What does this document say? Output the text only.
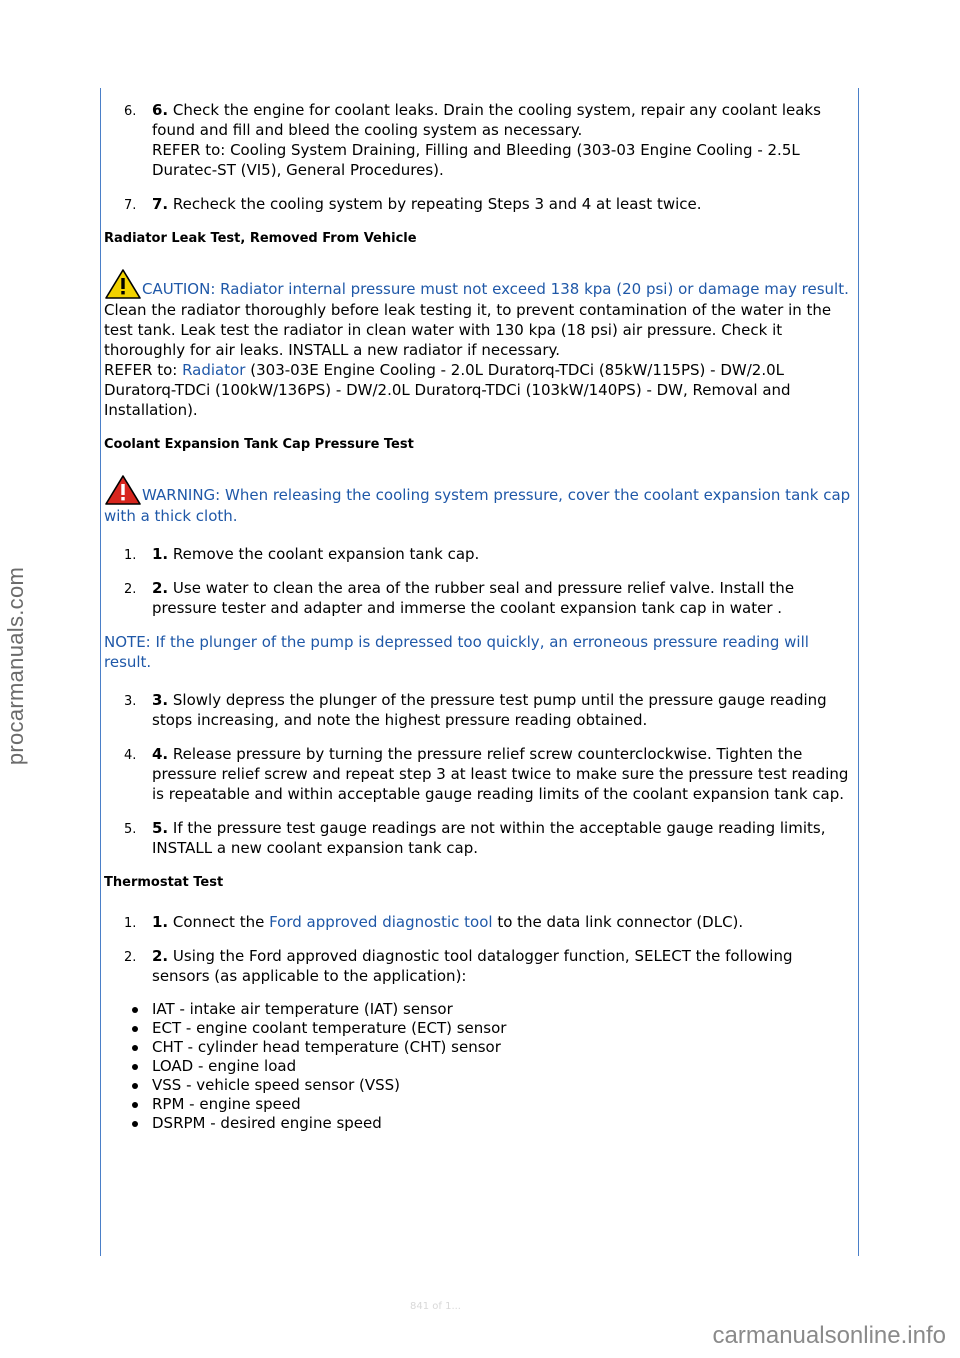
procarmanuals.com
6. 6. Check the engine for coolant leaks. Drain the cooling system, repair any coolant leaks found and fill and bleed the cooling system as necessary.
REFER to: Cooling System Draining, Filling and Bleeding (303-03 Engine Cooling - 2.5L Duratec-ST (VI5), General Procedures).
7. 7. Recheck the cooling system by repeating Steps 3 and 4 at least twice.
Radiator Leak Test, Removed From Vehicle
CAUTION: Radiator internal pressure must not exceed 138 kpa (20 psi) or damage may result.
Clean the radiator thoroughly before leak testing it, to prevent contamination of the water in the test tank. Leak test the radiator in clean water with 130 kpa (18 psi) air pressure. Check it thoroughly for air leaks. INSTALL a new radiator if necessary.
REFER to: Radiator (303-03E Engine Cooling - 2.0L Duratorq-TDCi (85kW/115PS) - DW/2.0L Duratorq-TDCi (100kW/136PS) - DW/2.0L Duratorq-TDCi (103kW/140PS) - DW, Removal and Installation).
Coolant Expansion Tank Cap Pressure Test
WARNING: When releasing the cooling system pressure, cover the coolant expansion tank cap with a thick cloth.
1. 1. Remove the coolant expansion tank cap.
2. 2. Use water to clean the area of the rubber seal and pressure relief valve. Install the pressure tester and adapter and immerse the coolant expansion tank cap in water .
NOTE: If the plunger of the pump is depressed too quickly, an erroneous pressure reading will result.
3. 3. Slowly depress the plunger of the pressure test pump until the pressure gauge reading stops increasing, and note the highest pressure reading obtained.
4. 4. Release pressure by turning the pressure relief screw counterclockwise. Tighten the pressure relief screw and repeat step 3 at least twice to make sure the pressure test reading is repeatable and within acceptable gauge reading limits of the coolant expansion tank cap.
5. 5. If the pressure test gauge readings are not within the acceptable gauge reading limits, INSTALL a new coolant expansion tank cap.
Thermostat Test
1. 1. Connect the Ford approved diagnostic tool to the data link connector (DLC).
2. 2. Using the Ford approved diagnostic tool datalogger function, SELECT the following sensors (as applicable to the application):
IAT - intake air temperature (IAT) sensor
ECT - engine coolant temperature (ECT) sensor
CHT - cylinder head temperature (CHT) sensor
LOAD - engine load
VSS - vehicle speed sensor (VSS)
RPM - engine speed
DSRPM - desired engine speed
841 of 1...
carmanualsonline.info
